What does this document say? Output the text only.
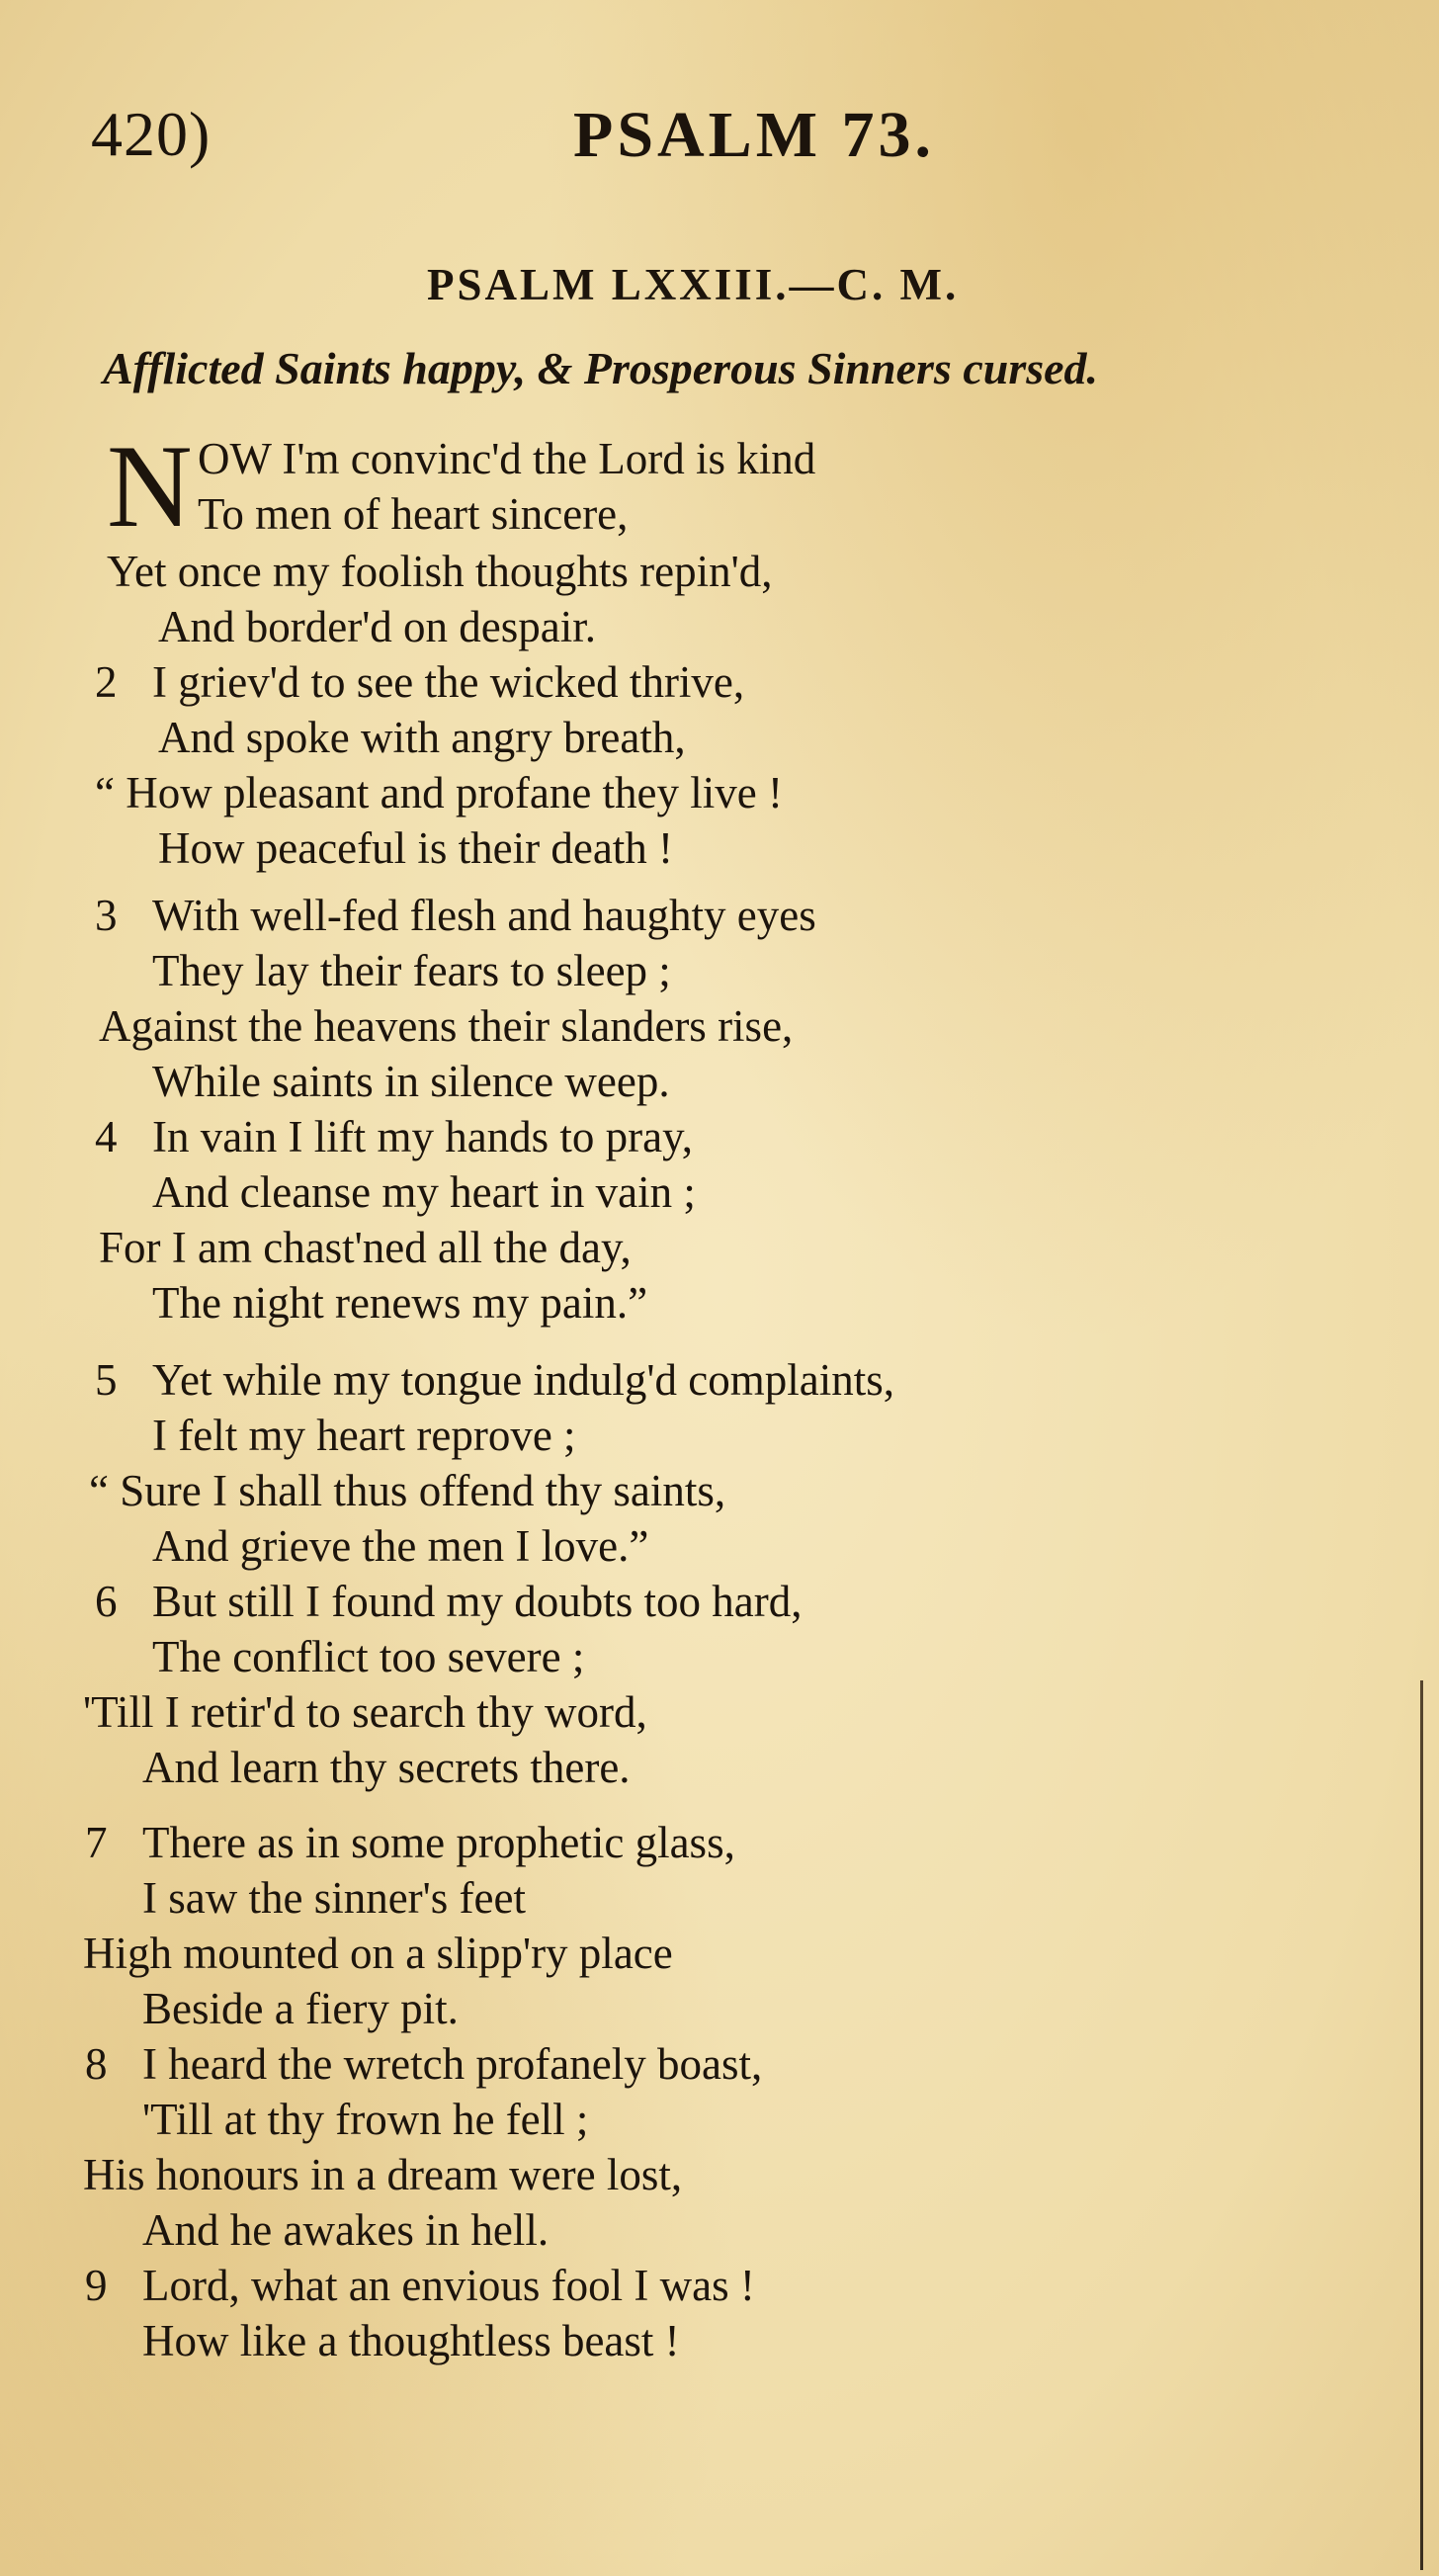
420)	PSALM 73.
PSALM LXXIII.—C. M.
Afflicted Saints happy, & Prosperous Sinners cursed.
N OW I'm convinc'd the Lord is kind
To men of heart sincere,
Yet once my foolish thoughts repin'd,
And border'd on despair.
2 I griev'd to see the wicked thrive,
And spoke with angry breath,
“ How pleasant and profane they live !
How peaceful is their death !
3 With well-fed flesh and haughty eyes
They lay their fears to sleep ;
Against the heavens their slanders rise,
While saints in silence weep.
4 In vain I lift my hands to pray,
And cleanse my heart in vain ;
For I am chast'ned all the day,
The night renews my pain.”
5 Yet while my tongue indulg'd complaints,
I felt my heart reprove ;
“ Sure I shall thus offend thy saints,
And grieve the men I love.”
6 But still I found my doubts too hard,
The conflict too severe ;
'Till I retir'd to search thy word,
And learn thy secrets there.
7 There as in some prophetic glass,
I saw the sinner's feet
High mounted on a slipp'ry place
Beside a fiery pit.
8 I heard the wretch profanely boast,
'Till at thy frown he fell ;
His honours in a dream were lost,
And he awakes in hell.
9 Lord, what an envious fool I was !
How like a thoughtless beast !
